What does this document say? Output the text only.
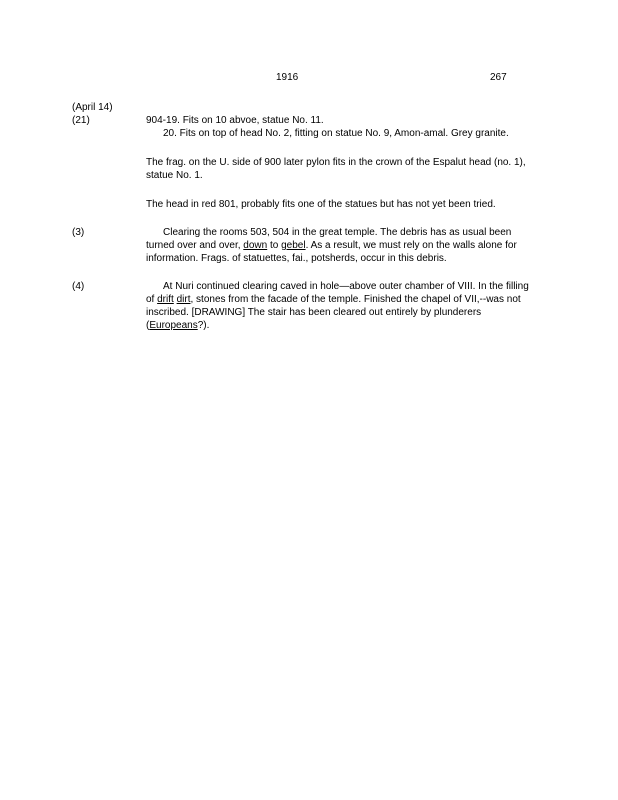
1916	267
(April 14)
(21)	904-19. Fits on 10 abvoe, statue No. 11.
20. Fits on top of head No. 2, fitting on statue No. 9, Amon-amal. Grey granite.
The frag. on the U. side of 900 later pylon fits in the crown of the Espalut head (no. 1),
statue No. 1.
The head in red 801, probably fits one of the statues but has not yet been tried.
(3)	Clearing the rooms 503, 504 in the great temple. The debris has as usual been
turned over and over, down to gebel. As a result, we must rely on the walls alone for
information. Frags. of statuettes, fai., potsherds, occur in this debris.
(4)	At Nuri continued clearing caved in hole—above outer chamber of VIII. In the filling
of drift dirt, stones from the facade of the temple. Finished the chapel of VII,--was not
inscribed. [DRAWING] The stair has been cleared out entirely by plunderers
(Europeans?).
